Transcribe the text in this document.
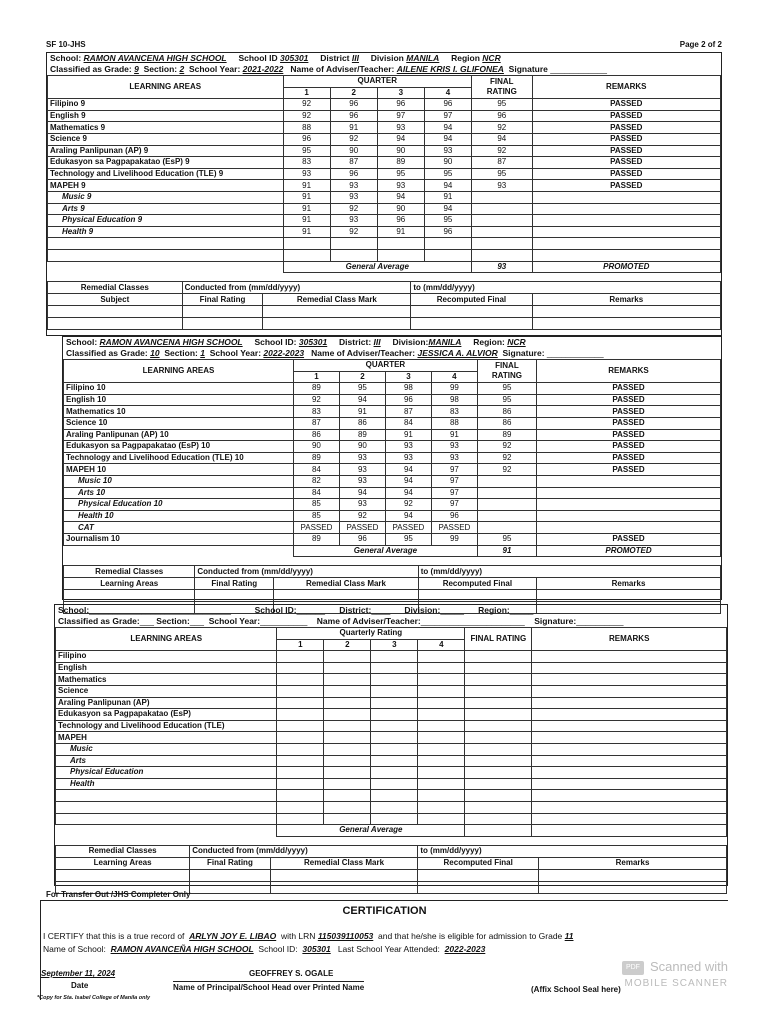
SF 10-JHS	Page 2 of 2
School: RAMON AVANCENA HIGH SCHOOL School ID 305301 District III Division MANILA Region NCR
Classified as Grade: 9 Section: 2 School Year: 2021-2022 Name of Adviser/Teacher: AILENE KRIS I. GLIFONEA Signature ____________
LEARNING AREAS	QUARTER				FINAL RATING	REMARKS
	1	2	3	4		
Filipino 9	92	96	96	96	95	PASSED
English 9	92	96	97	97	96	PASSED
Mathematics 9	88	91	93	94	92	PASSED
Science 9	96	92	94	94	94	PASSED
Araling Panlipunan (AP) 9	95	90	90	93	92	PASSED
Edukasyon sa Pagpapakatao (EsP) 9	83	87	89	90	87	PASSED
Technology and Livelihood Education (TLE) 9	93	96	95	95	95	PASSED
MAPEH 9	91	93	93	94	93	PASSED
Music 9	91	93	94	91		
Arts 9	91	92	90	94		
Physical Education 9	91	93	96	95		
Health 9	91	92	91	96		

	General Average				93	PROMOTED
Remedial Classes	Conducted from (mm/dd/yyyy)		to (mm/dd/yyyy)	
Subject	Final Rating	Remedial Class Mark	Recomputed Final	Remarks

School: RAMON AVANCENA HIGH SCHOOL School ID: 305301 District: III Division:MANILA Region: NCR
Classified as Grade: 10 Section: 1 School Year: 2022-2023 Name of Adviser/Teacher: JESSICA A. ALVIOR Signature: ____________
LEARNING AREAS	QUARTER				FINAL RATING	REMARKS
	1	2	3	4		
Filipino 10	89	95	98	99	95	PASSED
English 10	92	94	96	98	95	PASSED
Mathematics 10	83	91	87	83	86	PASSED
Science 10	87	86	84	88	86	PASSED
Araling Panlipunan (AP) 10	86	89	91	91	89	PASSED
Edukasyon sa Pagpapakatao (EsP) 10	90	90	93	93	92	PASSED
Technology and Livelihood Education (TLE) 10	89	93	93	93	92	PASSED
MAPEH 10	84	93	94	97	92	PASSED
Music 10	82	93	94	97		
Arts 10	84	94	94	97		
Physical Education 10	85	93	92	97		
Health 10	85	92	94	96		
CAT	PASSED	PASSED	PASSED	PASSED		
Journalism 10	89	96	95	99	95	PASSED
	General Average				91	PROMOTED
Remedial Classes	Conducted from (mm/dd/yyyy)		to (mm/dd/yyyy)	
Learning Areas	Final Rating	Remedial Class Mark	Recomputed Final	Remarks

School:______________________________          School ID:______      District:____      Division:_____      Region:_____
Classified as Grade:___ Section:___  School Year:__________    Name of Adviser/Teacher:______________________    Signature:__________
LEARNING AREAS	Quarterly Rating				FINAL RATING	REMARKS
	1	2	3	4		
Filipino						
English						
Mathematics						
Science						
Araling Panlipunan (AP)						
Edukasyon sa Pagpapakatao (EsP)						
Technology and Livelihood Education (TLE)						
MAPEH						
Music						
Arts						
Physical Education						
Health						

	General Average					
Remedial Classes	Conducted from (mm/dd/yyyy)		to (mm/dd/yyyy)	
Learning Areas	Final Rating	Remedial Class Mark	Recomputed Final	Remarks

For Transfer Out /JHS Completer Only
CERTIFICATION
I CERTIFY that this is a true record of ARLYN JOY E. LIBAO with LRN 115039110053 and that he/she is eligible for admission to Grade 11
Name of School: RAMON AVANCEÑA HIGH SCHOOL School ID: 305301 Last School Year Attended: 2022-2023
September 11, 2024
Date
GEOFFREY S. OGALE
Name of Principal/School Head over Printed Name	(Affix School Seal here)
*Copy for Sta. Isabel College of Manila only
PDF Scanned with
MOBILE SCANNER
